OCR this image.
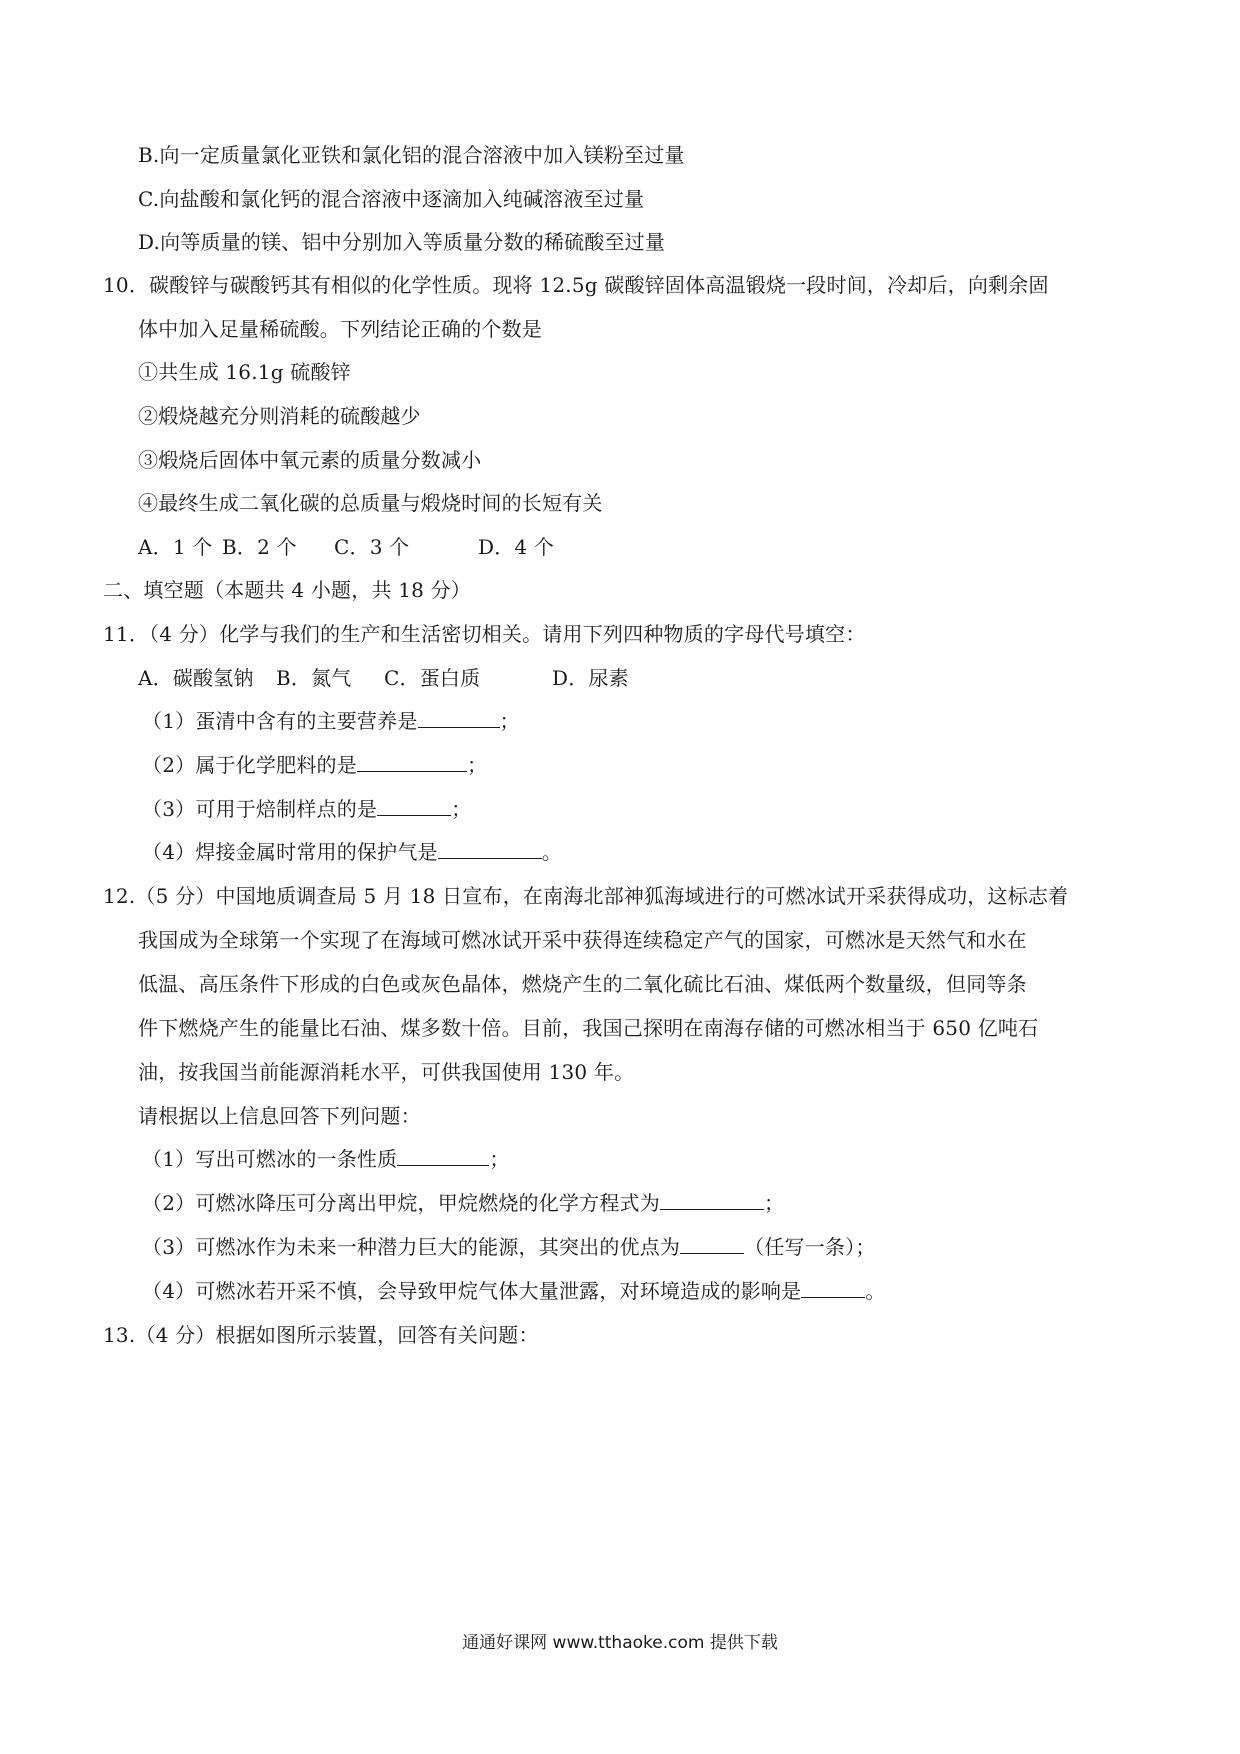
B.向一定质量氯化亚铁和氯化铝的混合溶液中加入镁粉至过量
C.向盐酸和氯化钙的混合溶液中逐滴加入纯碱溶液至过量
D.向等质量的镁、铝中分别加入等质量分数的稀硫酸至过量
10．碳酸锌与碳酸钙其有相似的化学性质。现将 12.5g 碳酸锌固体高温锻烧一段时间，冷却后，向剩余固
体中加入足量稀硫酸。下列结论正确的个数是
①共生成 16.1g 硫酸锌
②煅烧越充分则消耗的硫酸越少
③煅烧后固体中氧元素的质量分数减小
④最终生成二氧化碳的总质量与煅烧时间的长短有关
A．1 个 B．2 个 C．3 个	D．4 个
二、填空题（本题共 4 小题，共 18 分）
11．（4 分）化学与我们的生产和生活密切相关。请用下列四种物质的字母代号填空：
A．碳酸氢钠 B．氮气 C．蛋白质	D．尿素
（1）蛋清中含有的主要营养是	；
（2）属于化学肥料的是	；
（3）可用于焙制样点的是	；
（4）焊接金属时常用的保护气是	。
12.（5 分）中国地质调查局 5 月 18 日宣布，在南海北部神狐海域进行的可燃冰试开采获得成功，这标志着
我国成为全球第一个实现了在海域可燃冰试开采中获得连续稳定产气的国家，可燃冰是天然气和水在
低温、高压条件下形成的白色或灰色晶体，燃烧产生的二氧化硫比石油、煤低两个数量级，但同等条
件下燃烧产生的能量比石油、煤多数十倍。目前，我国己探明在南海存储的可燃冰相当于 650 亿吨石
油，按我国当前能源消耗水平，可供我国使用 130 年。
请根据以上信息回答下列问题：
（1）写出可燃冰的一条性质	；
（2）可燃冰降压可分离出甲烷，甲烷燃烧的化学方程式为	；
（3）可燃冰作为未来一种潜力巨大的能源，其突出的优点为	（任写一条）；
（4）可燃冰若开采不慎，会导致甲烷气体大量泄露，对环境造成的影响是	。
13.（4 分）根据如图所示装置，回答有关问题：
通通好课网 www.tthaoke.com 提供下载
